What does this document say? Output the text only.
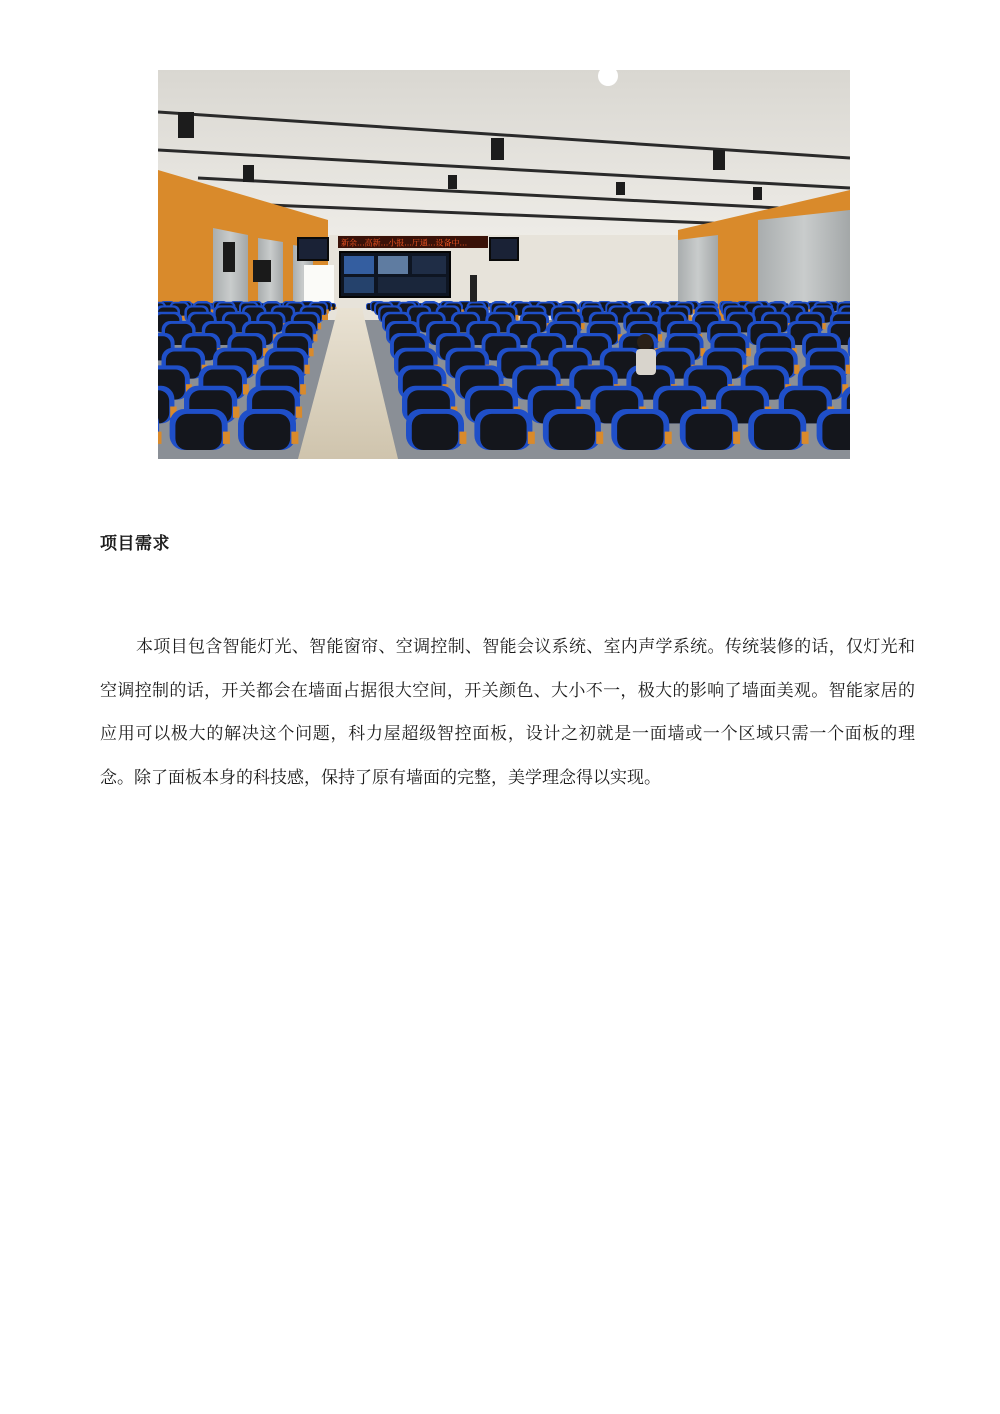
新余...高新...小报...厅通...设备中...
项目需求

本项目包含智能灯光、智能窗帘、空调控制、智能会议系统、室内声学系统。传统装修的话，仅灯光和空调控制的话，开关都会在墙面占据很大空间，开关颜色、大小不一，极大的影响了墙面美观。智能家居的应用可以极大的解决这个问题，科力屋超级智控面板，设计之初就是一面墙或一个区域只需一个面板的理念。除了面板本身的科技感，保持了原有墙面的完整，美学理念得以实现。
